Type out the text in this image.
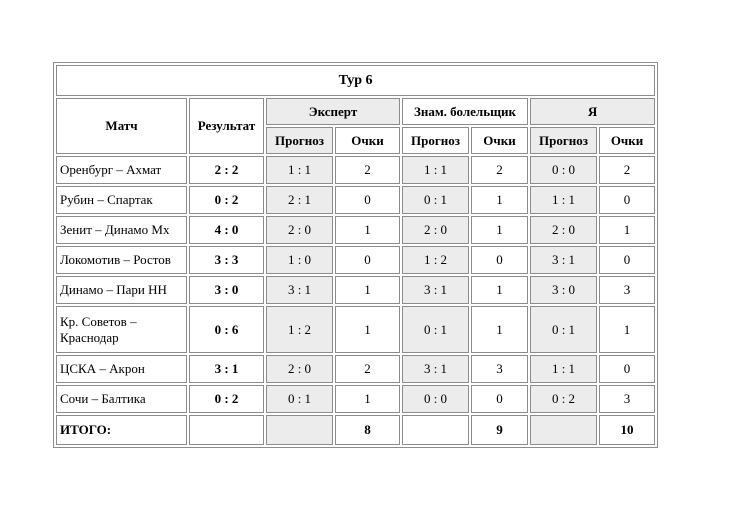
Тур 6							
Матч	Результат	Эксперт		Знам. болельщик		Я	
		Прогноз	Очки	Прогноз	Очки	Прогноз	Очки
Оренбург – Ахмат	2 : 2	1 : 1	2	1 : 1	2	0 : 0	2
Рубин – Спартак	0 : 2	2 : 1	0	0 : 1	1	1 : 1	0
Зенит – Динамо Мх	4 : 0	2 : 0	1	2 : 0	1	2 : 0	1
Локомотив – Ростов	3 : 3	1 : 0	0	1 : 2	0	3 : 1	0
Динамо – Пари НН	3 : 0	3 : 1	1	3 : 1	1	3 : 0	3
Кр. Советов – Краснодар	0 : 6	1 : 2	1	0 : 1	1	0 : 1	1
ЦСКА – Акрон	3 : 1	2 : 0	2	3 : 1	3	1 : 1	0
Сочи – Балтика	0 : 2	0 : 1	1	0 : 0	0	0 : 2	3
ИТОГО:			8		9		10
